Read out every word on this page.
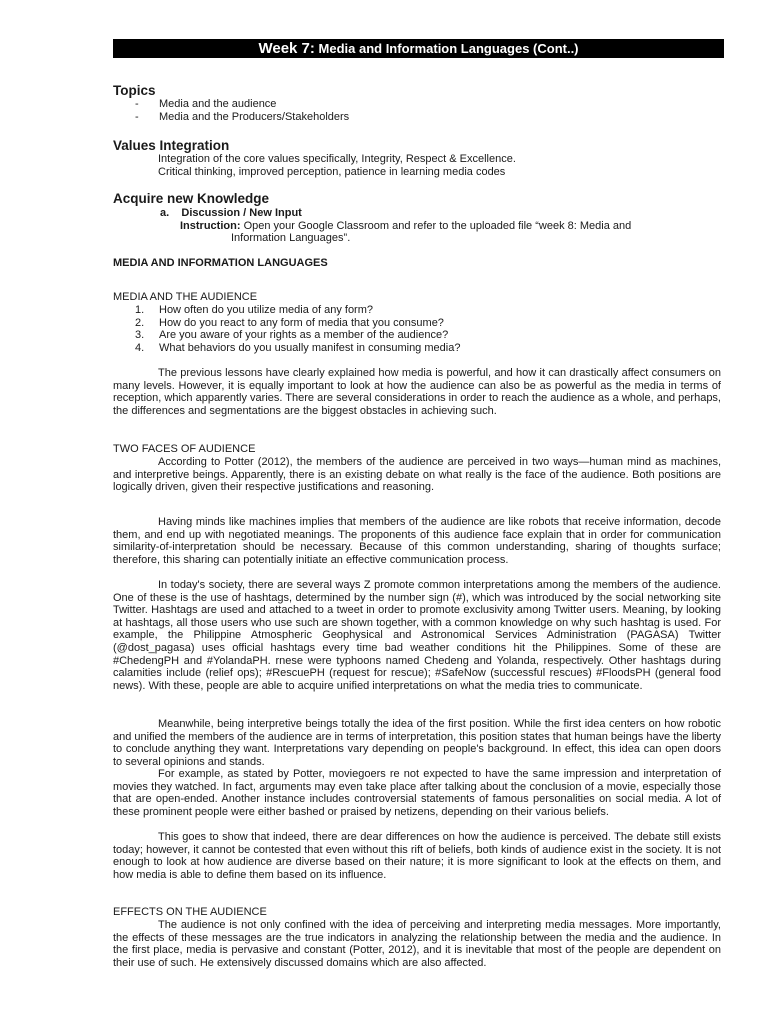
Week 7: Media and Information Languages (Cont..)
Topics
-	Media and the audience
-	Media and the Producers/Stakeholders
Values Integration

Integration of the core values specifically, Integrity, Respect & Excellence.

Critical thinking, improved perception, patience in learning media codes

Acquire new Knowledge
a. Discussion / New Input
Instruction: Open your Google Classroom and refer to the uploaded file “week 8: Media and
Information Languages”.

MEDIA AND INFORMATION LANGUAGES

MEDIA AND THE AUDIENCE

1.	How often do you utilize media of any form?
2.	How do you react to any form of media that you consume?
3.	Are you aware of your rights as a member of the audience?
4.	What behaviors do you usually manifest in consuming media?

The previous lessons have clearly explained how media is powerful, and how it can drastically affect consumers on many levels. However, it is equally important to look at how the audience can also be as powerful as the media in terms of reception, which apparently varies. There are several considerations in order to reach the audience as a whole, and perhaps, the differences and segmentations are the biggest obstacles in achieving such.

TWO FACES OF AUDIENCE

According to Potter (2012), the members of the audience are perceived in two ways—human mind as machines, and interpretive beings. Apparently, there is an existing debate on what really is the face of the audience. Both positions are logically driven, given their respective justifications and reasoning.

Having minds like machines implies that members of the audience are like robots that receive information, decode them, and end up with negotiated meanings. The proponents of this audience face explain that in order for communication similarity-of-interpretation should be necessary. Because of this common understanding, sharing of thoughts surface; therefore, this sharing can potentially initiate an effective communication process.

In today's society, there are several ways Z promote common interpretations among the members of the audience. One of these is the use of hashtags, determined by the number sign (#), which was introduced by the social networking site Twitter. Hashtags are used and attached to a tweet in order to promote exclusivity among Twitter users. Meaning, by looking at hashtags, all those users who use such are shown together, with a common knowledge on why such hashtag is used. For example, the Philippine Atmospheric Geophysical and Astronomical Services Administration (PAGASA) Twitter (@dost_pagasa) uses official hashtags every time bad weather conditions hit the Philippines. Some of these are #ChedengPH and #YolandaPH. rnese were typhoons named Chedeng and Yolanda, respectively. Other hashtags during calamities include (relief ops); #RescuePH (request for rescue); #SafeNow (successful rescues) #FloodsPH (general food news). With these, people are able to acquire unified interpretations on what the media tries to communicate.

Meanwhile, being interpretive beings totally the idea of the first position. While the first idea centers on how robotic and unified the members of the audience are in terms of interpretation, this position states that human beings have the liberty to conclude anything they want. Interpretations vary depending on people's background. In effect, this idea can open doors to several opinions and stands.

For example, as stated by Potter, moviegoers re not expected to have the same impression and interpretation of movies they watched. In fact, arguments may even take place after talking about the conclusion of a movie, especially those that are open-ended. Another instance includes controversial statements of famous personalities on social media. A lot of these prominent people were either bashed or praised by netizens, depending on their various beliefs.

This goes to show that indeed, there are dear differences on how the audience is perceived. The debate still exists today; however, it cannot be contested that even without this rift of beliefs, both kinds of audience exist in the society. It is not enough to look at how audience are diverse based on their nature; it is more significant to look at the effects on them, and how media is able to define them based on its influence.

EFFECTS ON THE AUDIENCE

The audience is not only confined with the idea of perceiving and interpreting media messages. More importantly, the effects of these messages are the true indicators in analyzing the relationship between the media and the audience. In the first place, media is pervasive and constant (Potter, 2012), and it is inevitable that most of the people are dependent on their use of such. He extensively discussed domains which are also affected.
